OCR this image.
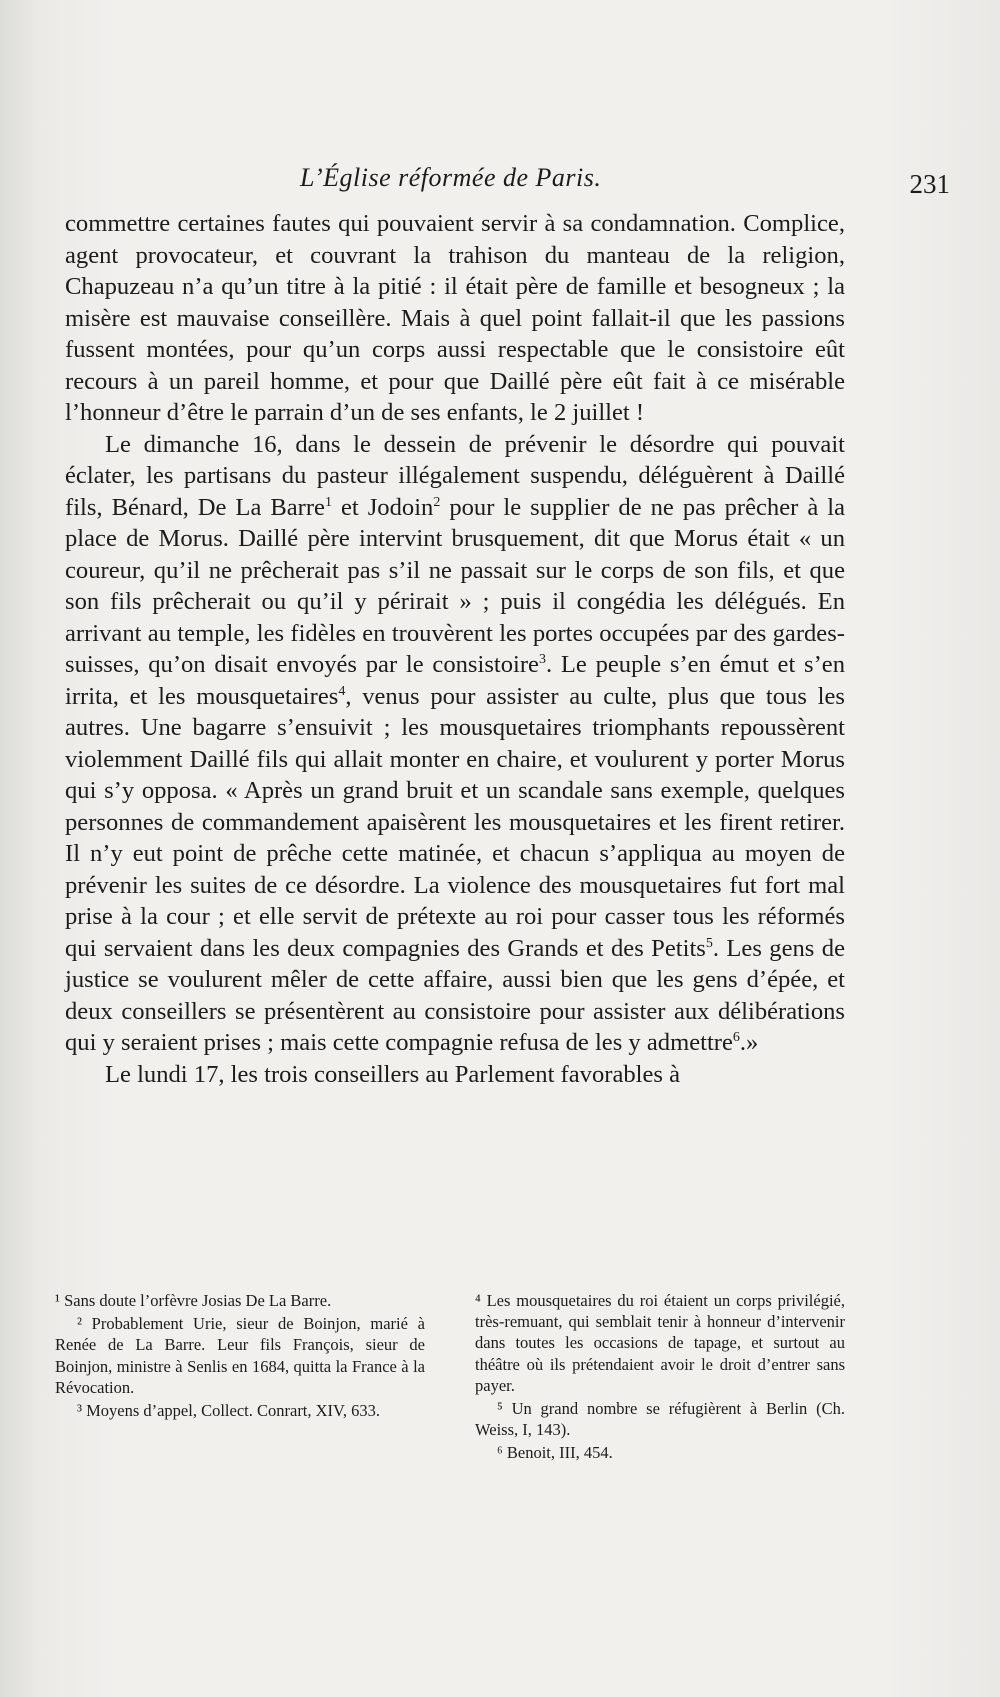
L’Église réformée de Paris.	231

commettre certaines fautes qui pouvaient servir à sa condamnation. Complice, agent provocateur, et couvrant la trahison du manteau de la religion, Chapuzeau n’a qu’un titre à la pitié : il était père de famille et besogneux ; la misère est mauvaise conseillère. Mais à quel point fallait-il que les passions fussent montées, pour qu’un corps aussi respectable que le consistoire eût recours à un pareil homme, et pour que Daillé père eût fait à ce misérable l’honneur d’être le parrain d’un de ses enfants, le 2 juillet !

Le dimanche 16, dans le dessein de prévenir le désordre qui pouvait éclater, les partisans du pasteur illégalement suspendu, déléguèrent à Daillé fils, Bénard, De La Barre$^1$ et Jodoin$^2$ pour le supplier de ne pas prêcher à la place de Morus. Daillé père intervint brusquement, dit que Morus était « un coureur, qu’il ne prêcherait pas s’il ne passait sur le corps de son fils, et que son fils prêcherait ou qu’il y périrait » ; puis il congédia les délégués. En arrivant au temple, les fidèles en trouvèrent les portes occupées par des gardes-suisses, qu’on disait envoyés par le consistoire$^3$. Le peuple s’en émut et s’en irrita, et les mousquetaires$^4$, venus pour assister au culte, plus que tous les autres. Une bagarre s’ensuivit ; les mousquetaires triomphants repoussèrent violemment Daillé fils qui allait monter en chaire, et voulurent y porter Morus qui s’y opposa. « Après un grand bruit et un scandale sans exemple, quelques personnes de commandement apaisèrent les mousquetaires et les firent retirer. Il n’y eut point de prêche cette matinée, et chacun s’appliqua au moyen de prévenir les suites de ce désordre. La violence des mousquetaires fut fort mal prise à la cour ; et elle servit de prétexte au roi pour casser tous les réformés qui servaient dans les deux compagnies des Grands et des Petits$^5$. Les gens de justice se voulurent mêler de cette affaire, aussi bien que les gens d’épée, et deux conseillers se présentèrent au consistoire pour assister aux délibérations qui y seraient prises ; mais cette compagnie refusa de les y admettre$^6$.»

Le lundi 17, les trois conseillers au Parlement favorables à

¹ Sans doute l’orfèvre Josias De La Barre.

² Probablement Urie, sieur de Boinjon, marié à Renée de La Barre. Leur fils François, sieur de Boinjon, ministre à Senlis en 1684, quitta la France à la Révocation.

³ Moyens d’appel, Collect. Conrart, XIV, 633.

⁴ Les mousquetaires du roi étaient un corps privilégié, très-remuant, qui semblait tenir à honneur d’intervenir dans toutes les occasions de tapage, et surtout au théâtre où ils prétendaient avoir le droit d’entrer sans payer.

⁵ Un grand nombre se réfugièrent à Berlin (Ch. Weiss, I, 143).

⁶ Benoit, III, 454.
